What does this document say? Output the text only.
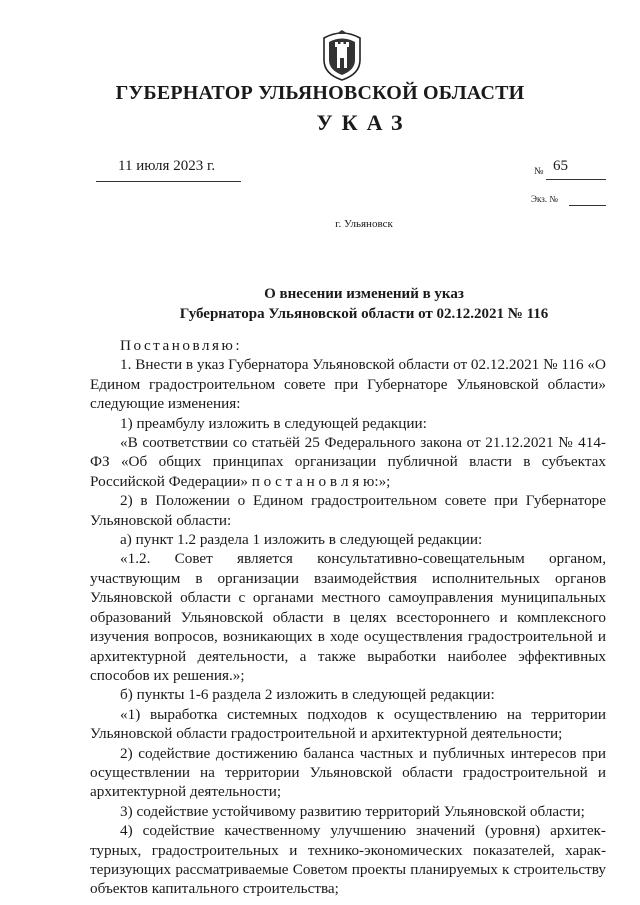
ГУБЕРНАТОР УЛЬЯНОВСКОЙ ОБЛАСТИ
УКАЗ
11 июля 2023 г.	№ 65
Экз. №
г. Ульяновск
О внесении изменений в указ
Губернатора Ульяновской области от 02.12.2021 № 116

Постановляю:

1. Внести в указ Губернатора Ульяновской области от 02.12.2021 № 116 «О Едином градостроительном совете при Губернаторе Ульяновской области» следующие изменения:

1) преамбулу изложить в следующей редакции:

«В соответствии со статьёй 25 Федерального закона от 21.12.2021 № 414-ФЗ «Об общих принципах организации публичной власти в субъектах Российской Федерации» п о с т а н о в л я ю:»;

2) в Положении о Едином градостроительном совете при Губернаторе Ульяновской области:

а) пункт 1.2 раздела 1 изложить в следующей редакции:

«1.2. Совет является консультативно-совещательным органом, участвующим в организации взаимодействия исполнительных органов Ульяновской области с органами местного самоуправления муниципальных образований Ульяновской области в целях всестороннего и комплексного изучения вопросов, возникающих в ходе осуществления градостроительной и архитектурной деятельности, а также выработки наиболее эффективных способов их решения.»;

б) пункты 1-6 раздела 2 изложить в следующей редакции:

«1) выработка системных подходов к осуществлению на территории Ульяновской области градостроительной и архитектурной деятельности;

2) содействие достижению баланса частных и публичных интересов при осуществлении на территории Ульяновской области градостроительной и архитектурной деятельности;

3) содействие устойчивому развитию территорий Ульяновской области;

4) содействие качественному улучшению значений (уровня) архитек-турных, градостроительных и технико-экономических показателей, харак-теризующих рассматриваемые Советом проекты планируемых к строительству объектов капитального строительства;
